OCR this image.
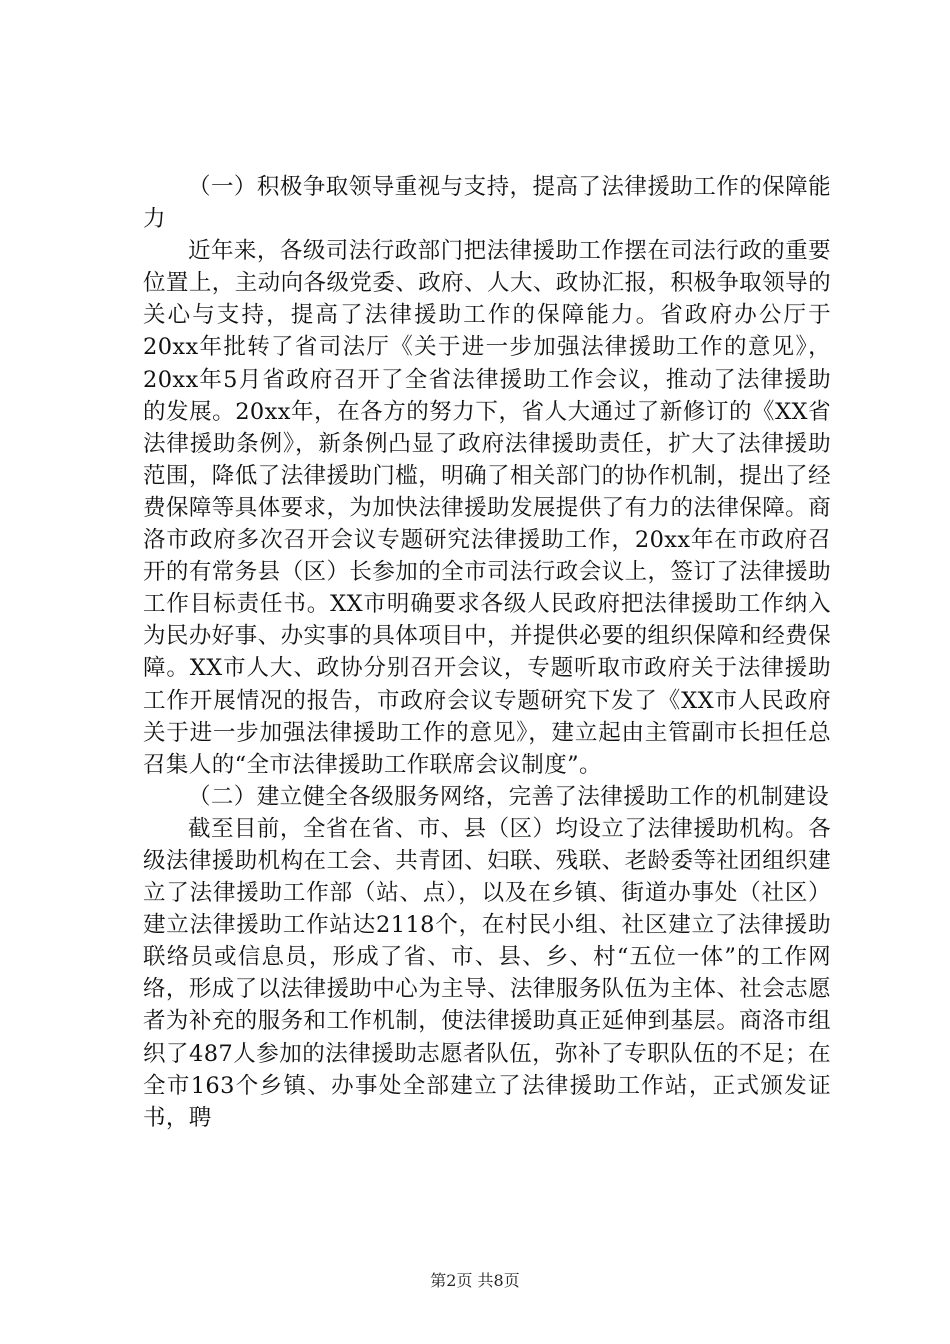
（一）积极争取领导重视与支持，提高了法律援助工作的保障能力

近年来，各级司法行政部门把法律援助工作摆在司法行政的重要位置上，主动向各级党委、政府、人大、政协汇报，积极争取领导的关心与支持，提高了法律援助工作的保障能力。省政府办公厅于20xx年批转了省司法厅《关于进一步加强法律援助工作的意见》，20xx年5月省政府召开了全省法律援助工作会议，推动了法律援助的发展。20xx年，在各方的努力下，省人大通过了新修订的《XX省法律援助条例》，新条例凸显了政府法律援助责任，扩大了法律援助范围，降低了法律援助门槛，明确了相关部门的协作机制，提出了经费保障等具体要求，为加快法律援助发展提供了有力的法律保障。商洛市政府多次召开会议专题研究法律援助工作，20xx年在市政府召开的有常务县（区）长参加的全市司法行政会议上，签订了法律援助工作目标责任书。XX市明确要求各级人民政府把法律援助工作纳入为民办好事、办实事的具体项目中，并提供必要的组织保障和经费保障。XX市人大、政协分别召开会议，专题听取市政府关于法律援助工作开展情况的报告，市政府会议专题研究下发了《XX市人民政府关于进一步加强法律援助工作的意见》，建立起由主管副市长担任总召集人的“全市法律援助工作联席会议制度”。

（二）建立健全各级服务网络，完善了法律援助工作的机制建设

截至目前，全省在省、市、县（区）均设立了法律援助机构。各级法律援助机构在工会、共青团、妇联、残联、老龄委等社团组织建立了法律援助工作部（站、点），以及在乡镇、街道办事处（社区）建立法律援助工作站达2118个，在村民小组、社区建立了法律援助联络员或信息员，形成了省、市、县、乡、村“五位一体”的工作网络，形成了以法律援助中心为主导、法律服务队伍为主体、社会志愿者为补充的服务和工作机制，使法律援助真正延伸到基层。商洛市组织了487人参加的法律援助志愿者队伍，弥补了专职队伍的不足；在全市163个乡镇、办事处全部建立了法律援助工作站，正式颁发证书，聘

第2页 共8页
